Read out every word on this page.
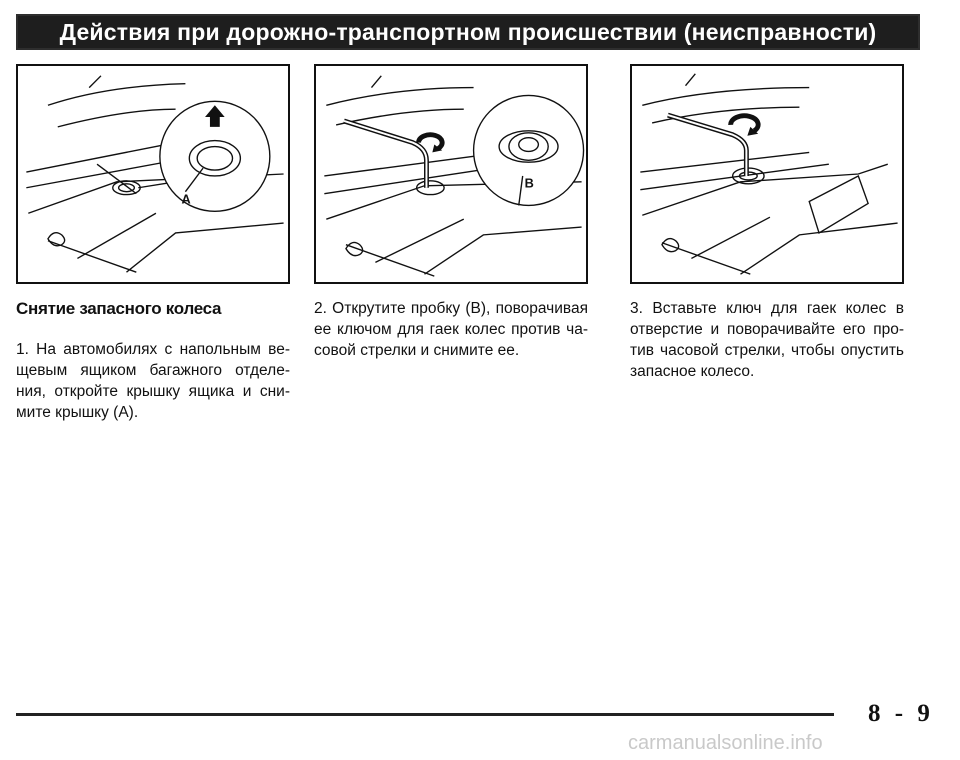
Действия при дорожно-транспортном происшествии (неисправности)
A
B
Снятие запасного колеса

1. На автомобилях с напольным ве-щевым ящиком багажного отделе-ния, откройте крышку ящика и сни-мите крышку (A).

2. Открутите пробку (B), поворачивая ее ключом для гаек колес против ча-совой стрелки и снимите ее.

3. Вставьте ключ для гаек колес в отверстие и поворачивайте его про-тив часовой стрелки, чтобы опустить запасное колесо.

8 - 9
carmanualsonline.info
